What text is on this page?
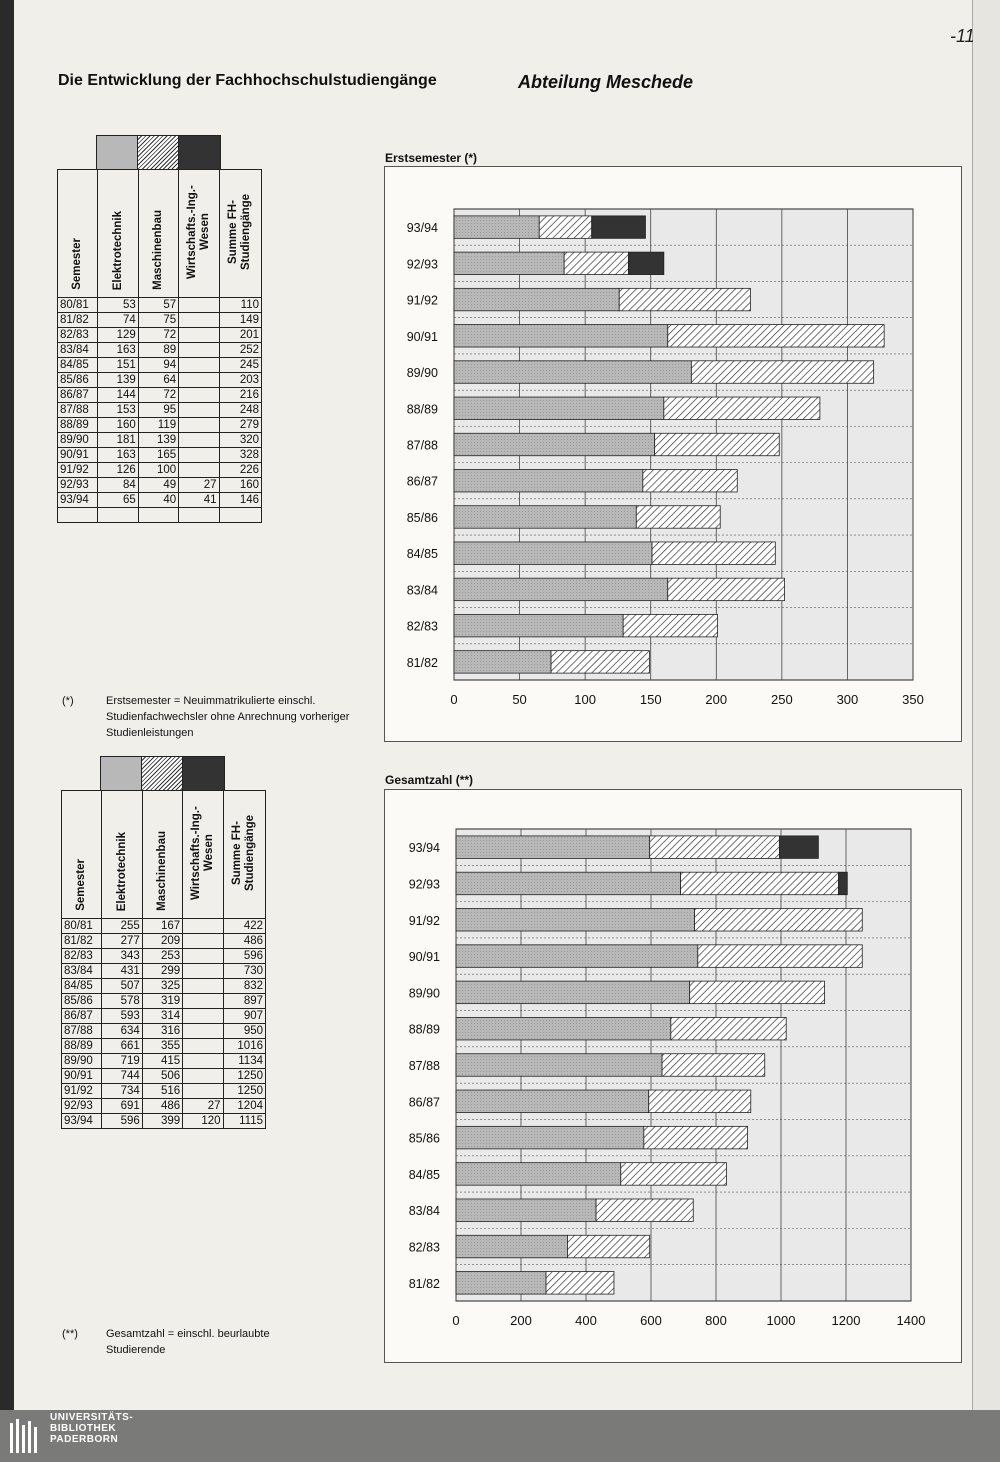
Die Entwicklung der Fachhochschulstudiengänge	Abteilung Meschede
-11
Semester	Elektrotechnik	Maschinenbau	Wirtschafts.-Ing.-Wesen	Summe FH-Studiengänge
80/81	53	57		110
81/82	74	75		149
82/83	129	72		201
83/84	163	89		252
84/85	151	94		245
85/86	139	64		203
86/87	144	72		216
87/88	153	95		248
88/89	160	119		279
89/90	181	139		320
90/91	163	165		328
91/92	126	100		226
92/93	84	49	27	160
93/94	65	40	41	146

Semester	Elektrotechnik	Maschinenbau	Wirtschafts.-Ing.-Wesen	Summe FH-Studiengänge
80/81	255	167		422
81/82	277	209		486
82/83	343	253		596
83/84	431	299		730
84/85	507	325		832
85/86	578	319		897
86/87	593	314		907
87/88	634	316		950
88/89	661	355		1016
89/90	719	415		1134
90/91	744	506		1250
91/92	734	516		1250
92/93	691	486	27	1204
93/94	596	399	120	1115
(*)	Erstsemester = Neuimmatrikulierte einschl. Studienfachwechsler ohne Anrechnung vorheriger Studienleistungen
(**)	Gesamtzahl = einschl. beurlaubte Studierende
Erstsemester (*)
Gesamtzahl (**)
0	50	100	150	200	250	300	350
93/94
92/93
91/92
90/91
89/90
88/89
87/88
86/87
85/86
84/85
83/84
82/83
81/82
0	200	400	600	800	1000	1200	1400
93/94
92/93
91/92
90/91
89/90
88/89
87/88
86/87
85/86
84/85
83/84
82/83
81/82
UNIVERSITÄTS-
BIBLIOTHEK
PADERBORN
